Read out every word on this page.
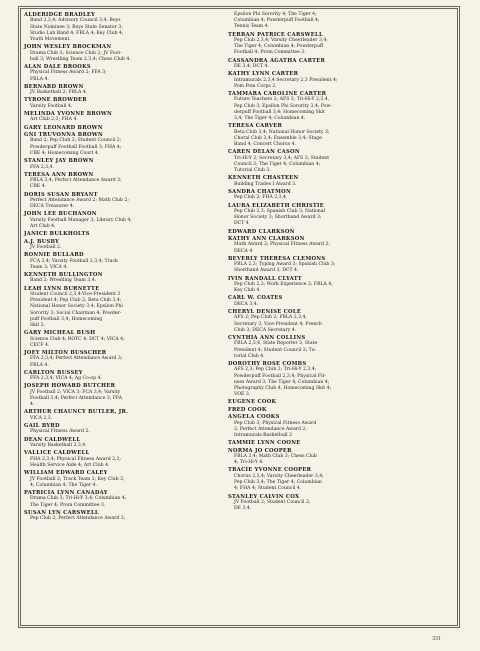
ALDERIDGE BRADLEY
Band 2,3,4; Advisory Council 3,4; Boys
State Nominee 3; Boys State Senator 3;
Studio Lab Band 4; FBLA 4; Key Club 4;
Youth Movement.
JOHN WESLEY BROCKMAN
Drama Club 3; Science Club 2; JV Foot-
ball 3; Wrestling Team 2,3,4; Chess Club 4.
ALAN DALE BROOKS
Physical Fitness Award 2; FFA 3;
FBLA 4.
BERNARD BROWN
JV Basketball 2; FBLA 4.
TYRONE BROWDER
Varsity Football 4.
MELINDA YVONNE BROWN
Art Club 2,3; FHA 4.
GARY LEONARD BROWN
GNI TRUVONNA BROWN
Band 2; Pep Club 2; Student Council 2;
Powderpuff Football Football 3; FHA 4;
CBE 4; Homecoming Court 4.
STANLEY JAY BROWN
FFA 2,3,4.
TERESA ANN BROWN
FBLA 3,4; Perfect Attendance Award 3;
CBE 4.
DORIS SUSAN BRYANT
Perfect Attendance Award 2; Math Club 2;
DECA Treasurer 4.
JOHN LEE BUCHANON
Varsity Football Manager 3; Library Club 4;
Art Club 4.
JANICE BULKHOLTS
A.J. BUSBY
JV Football 2.
RONNIE BULLARD
FCA 3,4; Varsity Football 2,3,4; Track
Team 3; VICA 4.
KENNETH BULLINGTON
Band 2; Wrestling Team 3,4.
LEAH LYNN BURNETTE
Student Council 2,3,4-Vice-President 3
President 4; Pep Club 2; Beta Club 3,4;
National Honor Society 3,4; Epsilon Phi
Sorority 3; Social Chairman 4; Powder-
puff Football 3,4; Homecoming
Skit 2.
GARY MICHEAL BUSH
Science Club 4; ROTC 4; DCT 4; VICA 4;
CECF 4.
JOEY MILTON BUSSCHER
FFA 2,3,4; Perfect Attendance Award 3;
FBLA 4.
CARLTON BUSSEY
FFA 2,3,4; VICA 4; Ag Co-op 4.
JOSEPH HOWARD BUTCHER
JV Football 2; VICA 3; FCA 3,4; Varsity
Football 3,4; Perfect Attendance 3; FFA
4.
ARTHUR CHAUNCY BUTLER, JR.
VICA 2,3.
GAIL BYRD
Physical Fitness Award 2.
DEAN CALDWELL
Varsity Basketball 2,3,4.
VALLICE CALDWELL
FHA 2,3,4; Physical Fitness Award 2,3;
Health Service Aide 4; Art Club 4.
WILLIAM EDWARD CALEY
JV Football 2; Track Team 2; Key Club 3,
4; Columbian 4; The Tiger 4.
PATRICIA LYNN CANADAY
Drama Club 3; Tri-Hi-Y 3,4; Columbian 4;
The Tiger 4; Prom Committee 3.
SUSAN LYN CARSWELL
Pep Club 2; Perfect Attendance Award 2;
Epsilon Phi Sorority 4; The Tiger 4;
Columbian 4; Powderpuff Football 4;
Tennis Team 4.
TERRAN PATRICE CARSWELL
Pep Club 2,3,4; Varsity Cheerleader 3,4;
The Tiger 4; Columbian 4; Powderpuff
Football 4; Prom Committee 3.
CASSANDRA AGATHA CARTER
DE 3,4; DCT 4.
KATHY LYNN CARTER
Intramurals 2,3,4 Secretary 2,3 President 4;
Pom Pom Corps 2.
TAMMARA CAROLINE CARTER
Future Teachers 2; AFS 3; Tri-Hi-Y 2,3,4,
Pep Club 3; Epsilon Phi Sorority 3,4; Pow-
derpuff Football 3,4; Homecoming Skit
3,4; The Tiger 4; Columbian 4.
TERESA CARVER
Beta Club 3,4; National Honor Society 3;
Choral Club 3,4; Ensemble 3,4; Stage
Band 4; Concert Chorus 4.
CAREN DELAN CASON
Tri-Hi-Y 2, Secretary 3,4; AFS 3; Student
Council 3; The Tiger 4; Columbian 4;
Tutorial Club 3.
KENNETH CHASTEEN
Building Trades I Award 3.
SANDRA CHATMON
Pep Club 2; FHA 2,3,4
LAURA ELIZABETH CHRISTIE
Pep Club 2,3; Spanish Club 3; National
Honor Society 3; Shorthand Award 3;
DCT 4
EDWARD CLARKSON
KATHY ANN CLARKSON
Math Award 2; Physical Fitness Award 2;
DECA 4
BEVERLY THERESA CLEMONS
FBLA 2,3; Typing Award 3; Spanish Club 3;
Shorthand Award 3; DCT 4.
IVIN RANDALL CLYATT
Pep Club 2,3; Work Experience 2; FBLA 4;
Key Club 4.
CARL W. COATES
DECA 3,4.
CHERYL DENISE COLE
AFS 2; Pep Club 2; FBLA 2,3,4,
Secretary 3, Vice-President 4; French
Club 3; DECA Secretary 4.
CYNTHIA ANN COLLINS
FBLA 2,3,4, State Reporter 3, State
President 4; Student Council 3; Tu-
torial Club 4.
DOROTHY ROSE COMBS
AFS 2,3; Pep Club 2; Tri-Hi-Y 2,3,4;
Powderpuff Football 2,3,4; Physical Fit-
ness Award 3; The Tiger 4; Columbian 4;
Photography Club 4; Homecoming Skit 4;
VOE 3.
EUGENE COOK
FRED COOK
ANGELA COOKS
Pep Club 3; Physical Fitness Award
2; Perfect Attendance Award 2;
Intramurals-Basketball 2
TAMMIE LYNN COONE
NORMA JO COOPER
FBLA 3,4; Math Club 3; Chess Club
4; Tri-Hi-Y 4.
TRACIE YVONNE COOPER
Chorus 2,3,4; Varsity Cheerleader 3,4;
Pep Club 3,4; The Tiger 4; Columbian
4; FHA 4; Student Council 4.
STANLEY CALVIN COX
JV Football 2; Student Council 2;
DE 3,4.
331
